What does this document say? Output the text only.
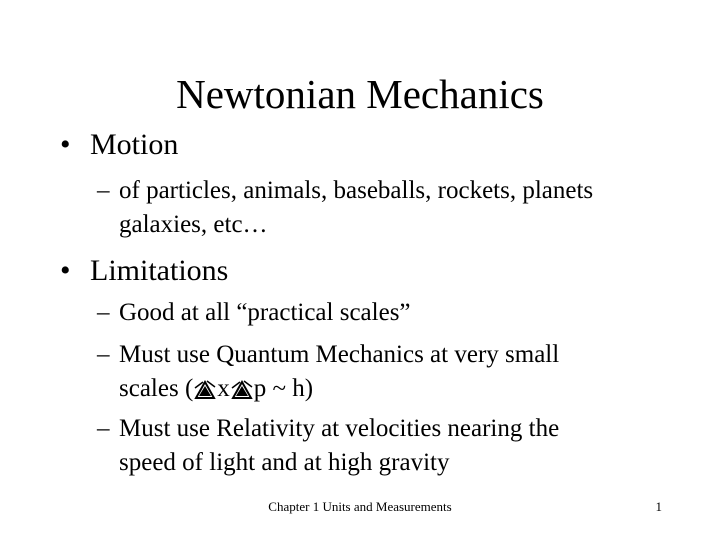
Newtonian Mechanics
• Motion
– of particles, animals, baseballs, rockets, planets
galaxies, etc…
• Limitations
– Good at all “practical scales”
– Must use Quantum Mechanics at very small
scales ( x p ~ h)
– Must use Relativity at velocities nearing the
speed of light and at high gravity
Chapter 1 Units and Measurements	1
